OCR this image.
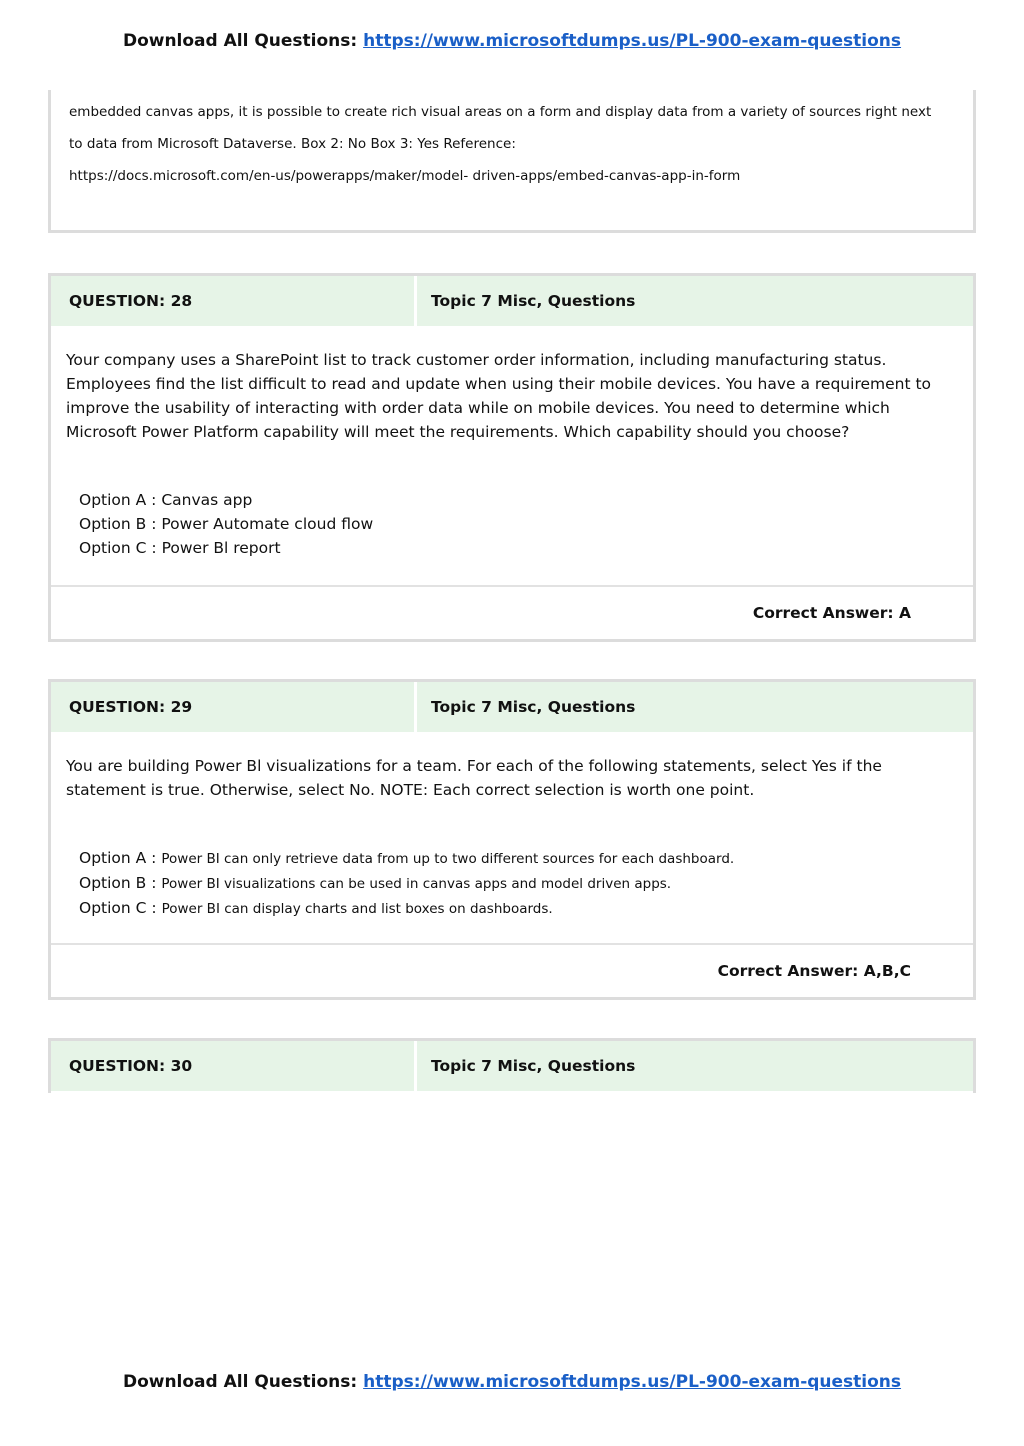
Download All Questions: https://www.microsoftdumps.us/PL-900-exam-questions
embedded canvas apps, it is possible to create rich visual areas on a form and display data from a variety of sources right next
to data from Microsoft Dataverse. Box 2: No Box 3: Yes Reference:
https://docs.microsoft.com/en-us/powerapps/maker/model- driven-apps/embed-canvas-app-in-form
QUESTION: 28	Topic 7 Misc, Questions

Your company uses a SharePoint list to track customer order information, including manufacturing status. Employees find the list difficult to read and update when using their mobile devices. You have a requirement to improve the usability of interacting with order data while on mobile devices. You need to determine which Microsoft Power Platform capability will meet the requirements. Which capability should you choose?

Option A : Canvas app
Option B : Power Automate cloud flow
Option C : Power Bl report
Correct Answer: A
QUESTION: 29	Topic 7 Misc, Questions

You are building Power Bl visualizations for a team. For each of the following statements, select Yes if the statement is true. Otherwise, select No. NOTE: Each correct selection is worth one point.

Option A : Power BI can only retrieve data from up to two different sources for each dashboard.
Option B : Power BI visualizations can be used in canvas apps and model driven apps.
Option C : Power BI can display charts and list boxes on dashboards.
Correct Answer: A,B,C
QUESTION: 30	Topic 7 Misc, Questions
Download All Questions: https://www.microsoftdumps.us/PL-900-exam-questions
